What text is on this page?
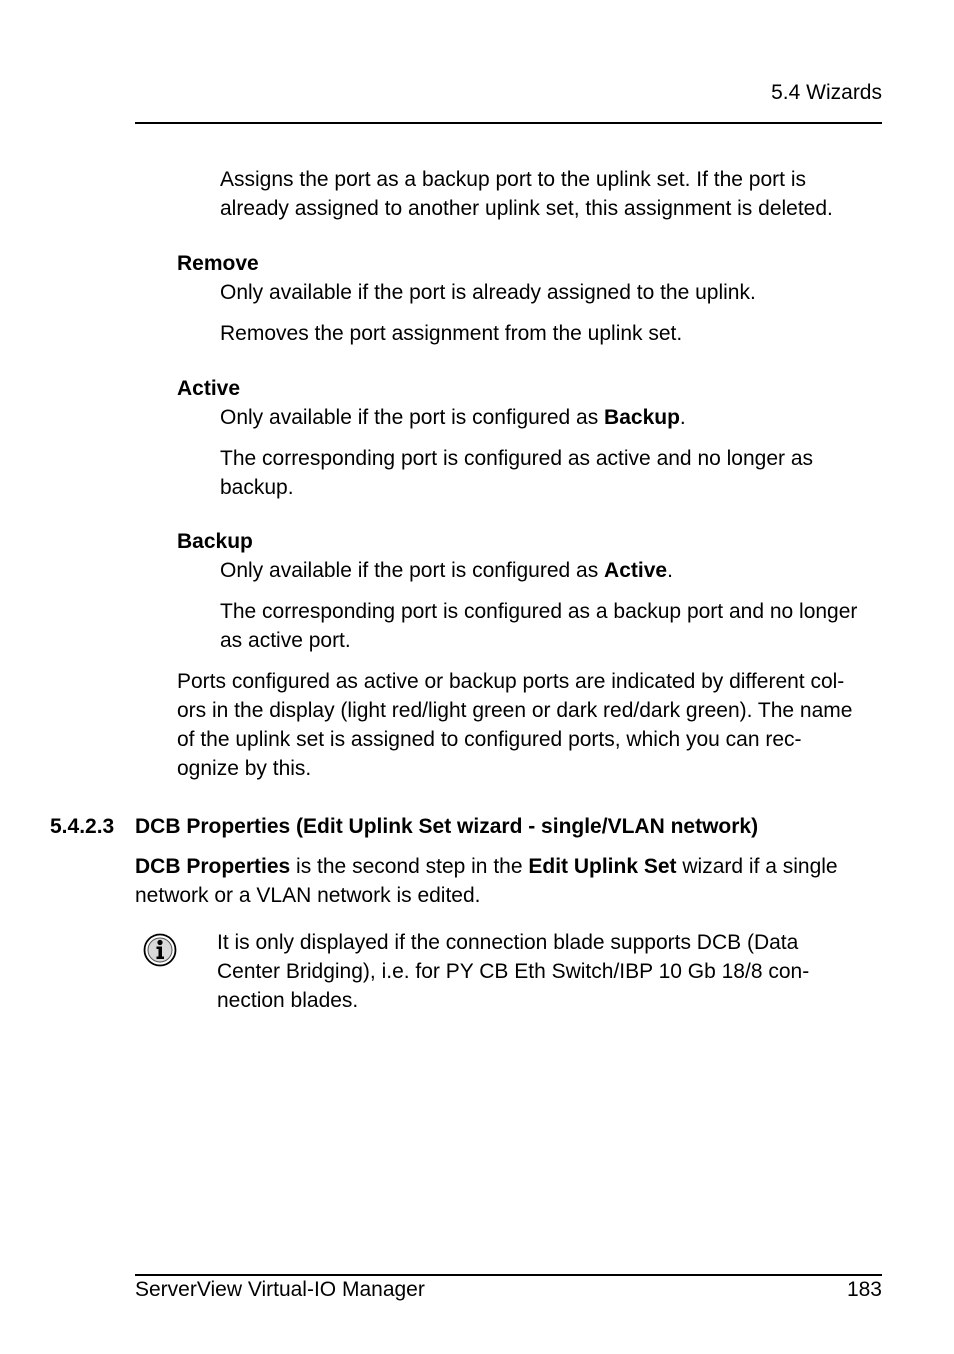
5.4 Wizards
Assigns the port as a backup port to the uplink set. If the port is
already assigned to another uplink set, this assignment is deleted.
Remove
Only available if the port is already assigned to the uplink.
Removes the port assignment from the uplink set.
Active
Only available if the port is configured as Backup.
The corresponding port is configured as active and no longer as
backup.
Backup
Only available if the port is configured as Active.
The corresponding port is configured as a backup port and no longer
as active port.
Ports configured as active or backup ports are indicated by different col-
ors in the display (light red/light green or dark red/dark green). The name
of the uplink set is assigned to configured ports, which you can rec-
ognize by this.
5.4.2.3 DCB Properties (Edit Uplink Set wizard - single/VLAN network)
DCB Properties is the second step in the Edit Uplink Set wizard if a single
network or a VLAN network is edited.
It is only displayed if the connection blade supports DCB (Data
Center Bridging), i.e. for PY CB Eth Switch/IBP 10 Gb 18/8 con-
nection blades.
ServerView Virtual-IO Manager	183
